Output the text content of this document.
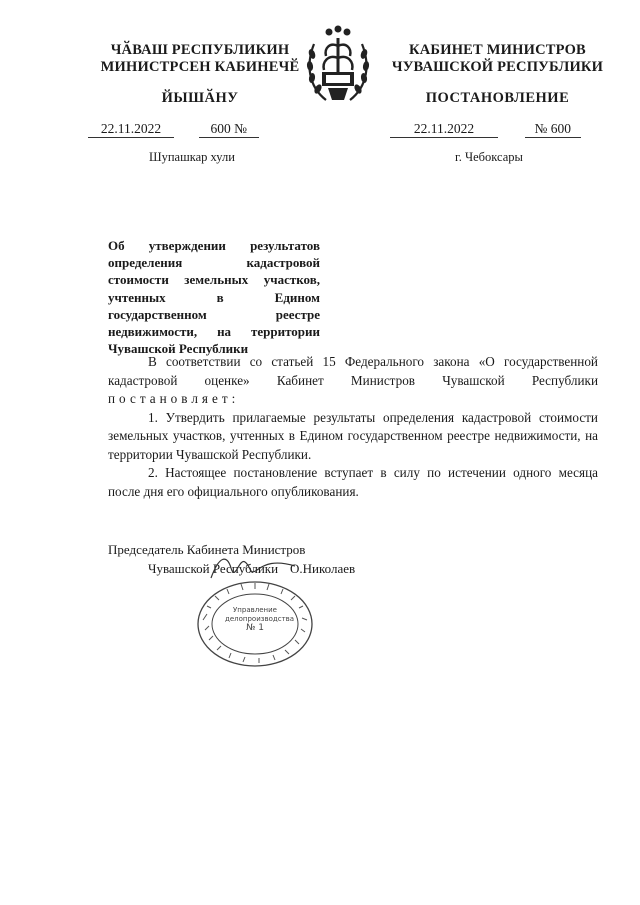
ЧӐВАШ РЕСПУБЛИКИН
МИНИСТРСЕН КАБИНЕЧӖ
КАБИНЕТ МИНИСТРОВ
ЧУВАШСКОЙ РЕСПУБЛИКИ
ЙЫШӐНУ	ПОСТАНОВЛЕНИЕ
22.11.2022	600 №	22.11.2022	№ 600
Шупашкар хули	г. Чебоксары
Об утверждении результатов определения кадастровой стоимости земельных участков, учтенных в Едином государственном реестре недвижимости, на территории Чувашской Республики

В соответствии со статьей 15 Федерального закона «О государственной кадастровой оценке» Кабинет Министров Чувашской Республики постановляет:

1. Утвердить прилагаемые результаты определения кадастровой стоимости земельных участков, учтенных в Едином государственном реестре недвижимости, на территории Чувашской Республики.

2. Настоящее постановление вступает в силу по истечении одного месяца после дня его официального опубликования.

Председатель Кабинета Министров
Чувашской Республики О.Николаев
Управление
делопроизводства
№ 1
